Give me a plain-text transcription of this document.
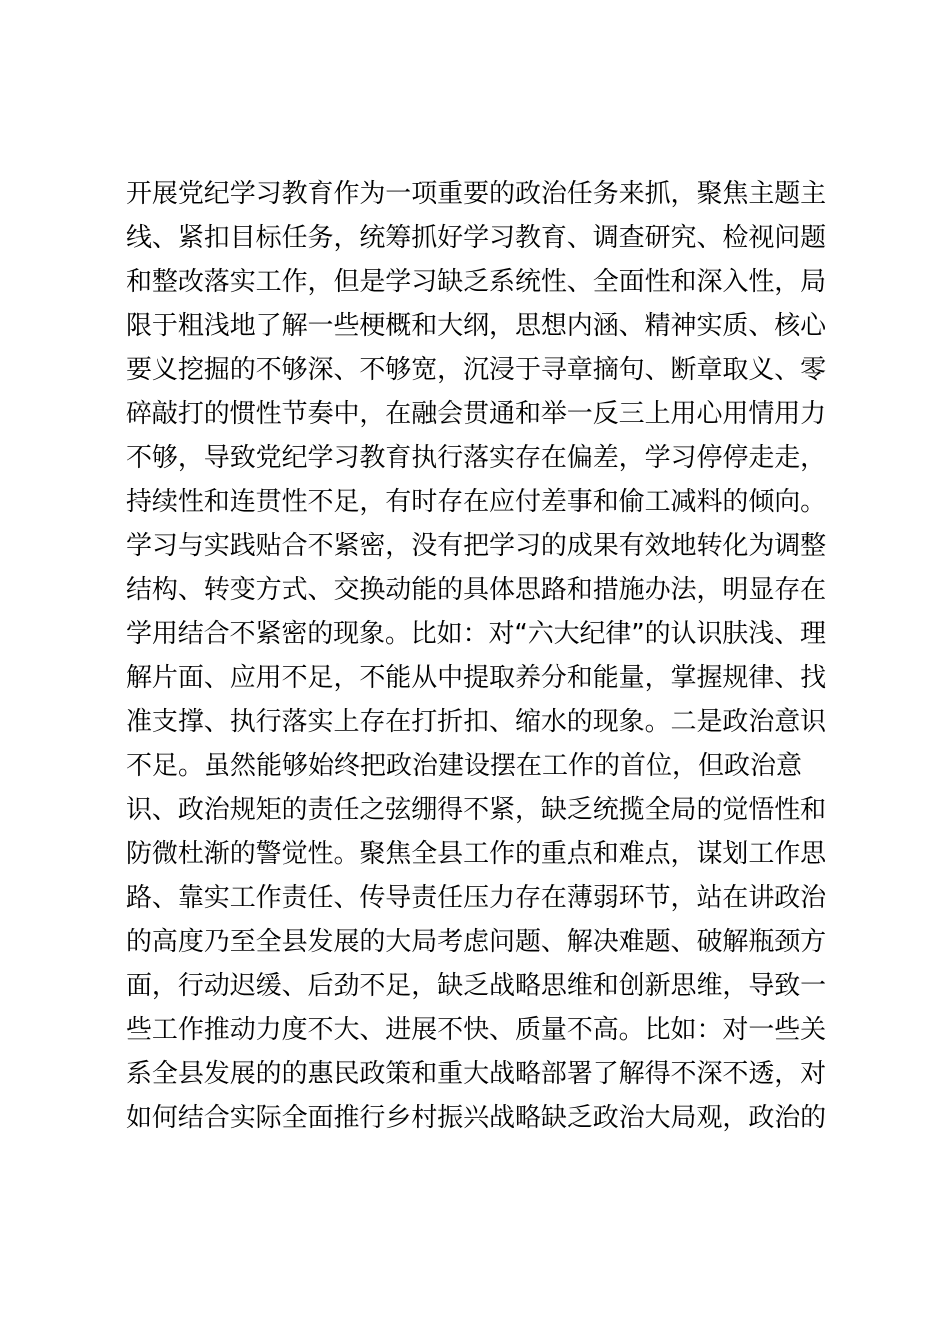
开展党纪学习教育作为一项重要的政治任务来抓，聚焦主题主
线、紧扣目标任务，统筹抓好学习教育、调查研究、检视问题
和整改落实工作，但是学习缺乏系统性、全面性和深入性，局
限于粗浅地了解一些梗概和大纲，思想内涵、精神实质、核心
要义挖掘的不够深、不够宽，沉浸于寻章摘句、断章取义、零
碎敲打的惯性节奏中，在融会贯通和举一反三上用心用情用力
不够，导致党纪学习教育执行落实存在偏差，学习停停走走，
持续性和连贯性不足，有时存在应付差事和偷工减料的倾向。
学习与实践贴合不紧密，没有把学习的成果有效地转化为调整
结构、转变方式、交换动能的具体思路和措施办法，明显存在
学用结合不紧密的现象。比如：对“六大纪律”的认识肤浅、理
解片面、应用不足，不能从中提取养分和能量，掌握规律、找
准支撑、执行落实上存在打折扣、缩水的现象。二是政治意识
不足。虽然能够始终把政治建设摆在工作的首位，但政治意
识、政治规矩的责任之弦绷得不紧，缺乏统揽全局的觉悟性和
防微杜渐的警觉性。聚焦全县工作的重点和难点，谋划工作思
路、靠实工作责任、传导责任压力存在薄弱环节，站在讲政治
的高度乃至全县发展的大局考虑问题、解决难题、破解瓶颈方
面，行动迟缓、后劲不足，缺乏战略思维和创新思维，导致一
些工作推动力度不大、进展不快、质量不高。比如：对一些关
系全县发展的的惠民政策和重大战略部署了解得不深不透，对
如何结合实际全面推行乡村振兴战略缺乏政治大局观，政治的
